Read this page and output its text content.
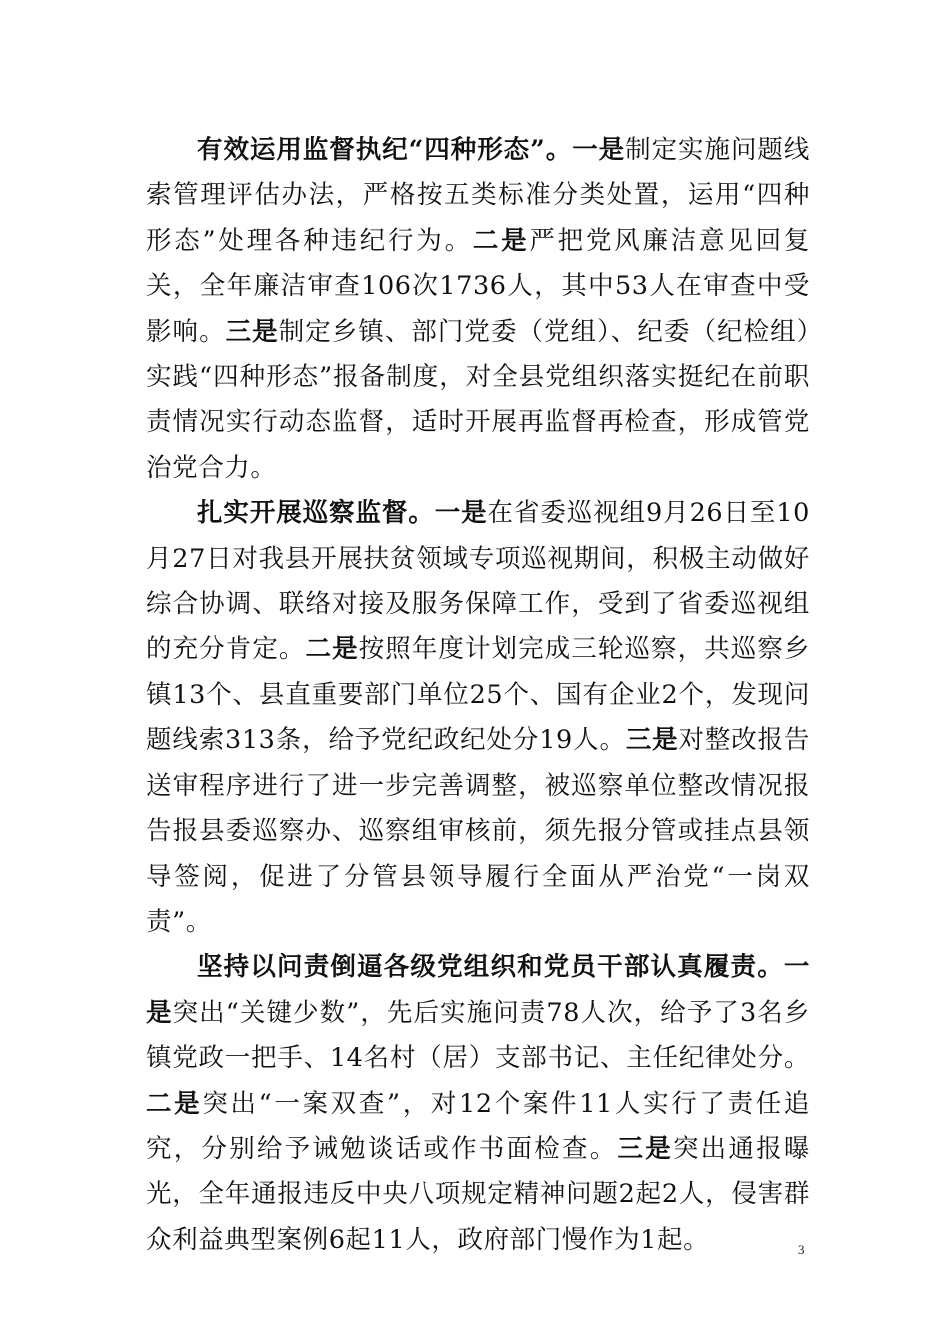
有效运用监督执纪“四种形态”。一是制定实施问题线索管理评估办法，严格按五类标准分类处置，运用“四种形态”处理各种违纪行为。二是严把党风廉洁意见回复关，全年廉洁审查106次1736人，其中53人在审查中受影响。三是制定乡镇、部门党委（党组）、纪委（纪检组）实践“四种形态”报备制度，对全县党组织落实挺纪在前职责情况实行动态监督，适时开展再监督再检查，形成管党治党合力。

扎实开展巡察监督。一是在省委巡视组9月26日至10月27日对我县开展扶贫领域专项巡视期间，积极主动做好综合协调、联络对接及服务保障工作，受到了省委巡视组的充分肯定。二是按照年度计划完成三轮巡察，共巡察乡镇13个、县直重要部门单位25个、国有企业2个，发现问题线索313条，给予党纪政纪处分19人。三是对整改报告送审程序进行了进一步完善调整，被巡察单位整改情况报告报县委巡察办、巡察组审核前，须先报分管或挂点县领导签阅，促进了分管县领导履行全面从严治党“一岗双责”。

坚持以问责倒逼各级党组织和党员干部认真履责。一是突出“关键少数”，先后实施问责78人次，给予了3名乡镇党政一把手、14名村（居）支部书记、主任纪律处分。二是突出“一案双查”，对12个案件11人实行了责任追究，分别给予诫勉谈话或作书面检查。三是突出通报曝光，全年通报违反中央八项规定精神问题2起2人，侵害群众利益典型案例6起11人，政府部门慢作为1起。	3
